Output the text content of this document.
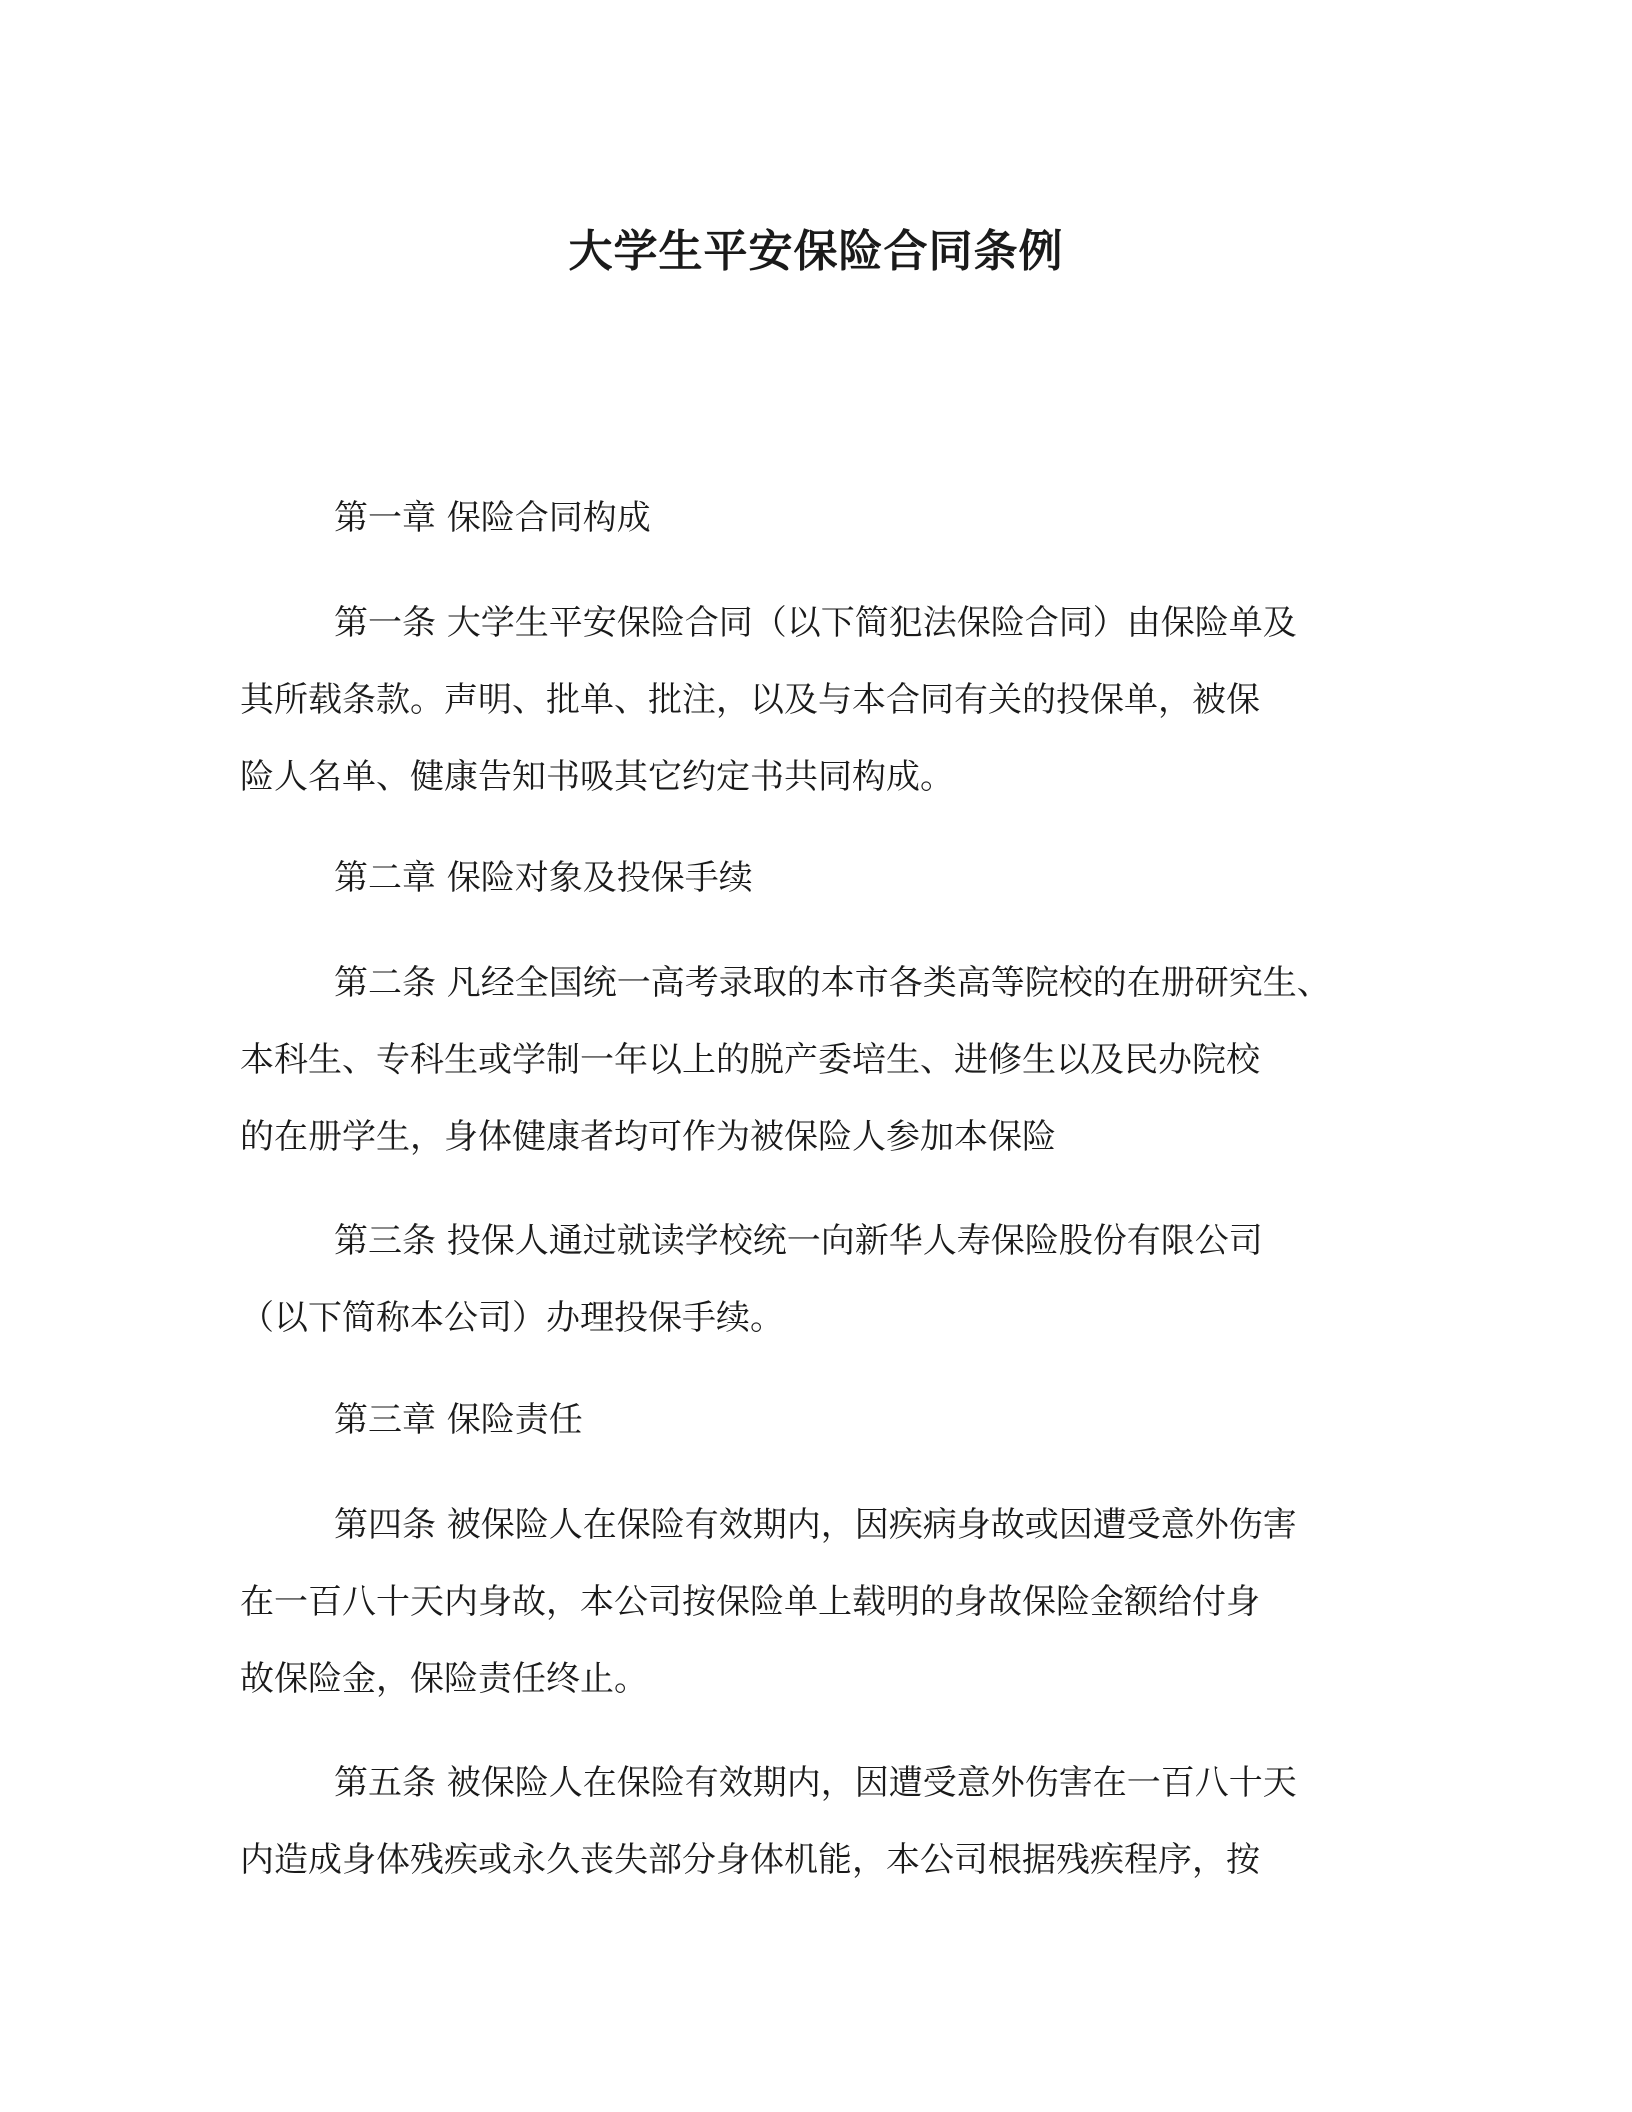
大学生平安保险合同条例

第一章 保险合同构成

第一条 大学生平安保险合同（以下简犯法保险合同）由保险单及
其所载条款。声明、批单、批注，以及与本合同有关的投保单，被保
险人名单、健康告知书吸其它约定书共同构成。

第二章 保险对象及投保手续

第二条 凡经全国统一高考录取的本市各类高等院校的在册研究生、
本科生、专科生或学制一年以上的脱产委培生、进修生以及民办院校
的在册学生，身体健康者均可作为被保险人参加本保险
第三条 投保人通过就读学校统一向新华人寿保险股份有限公司
（以下简称本公司）办理投保手续。

第三章 保险责任

第四条 被保险人在保险有效期内，因疾病身故或因遭受意外伤害
在一百八十天内身故，本公司按保险单上载明的身故保险金额给付身
故保险金，保险责任终止。
第五条 被保险人在保险有效期内，因遭受意外伤害在一百八十天
内造成身体残疾或永久丧失部分身体机能，本公司根据残疾程序，按
